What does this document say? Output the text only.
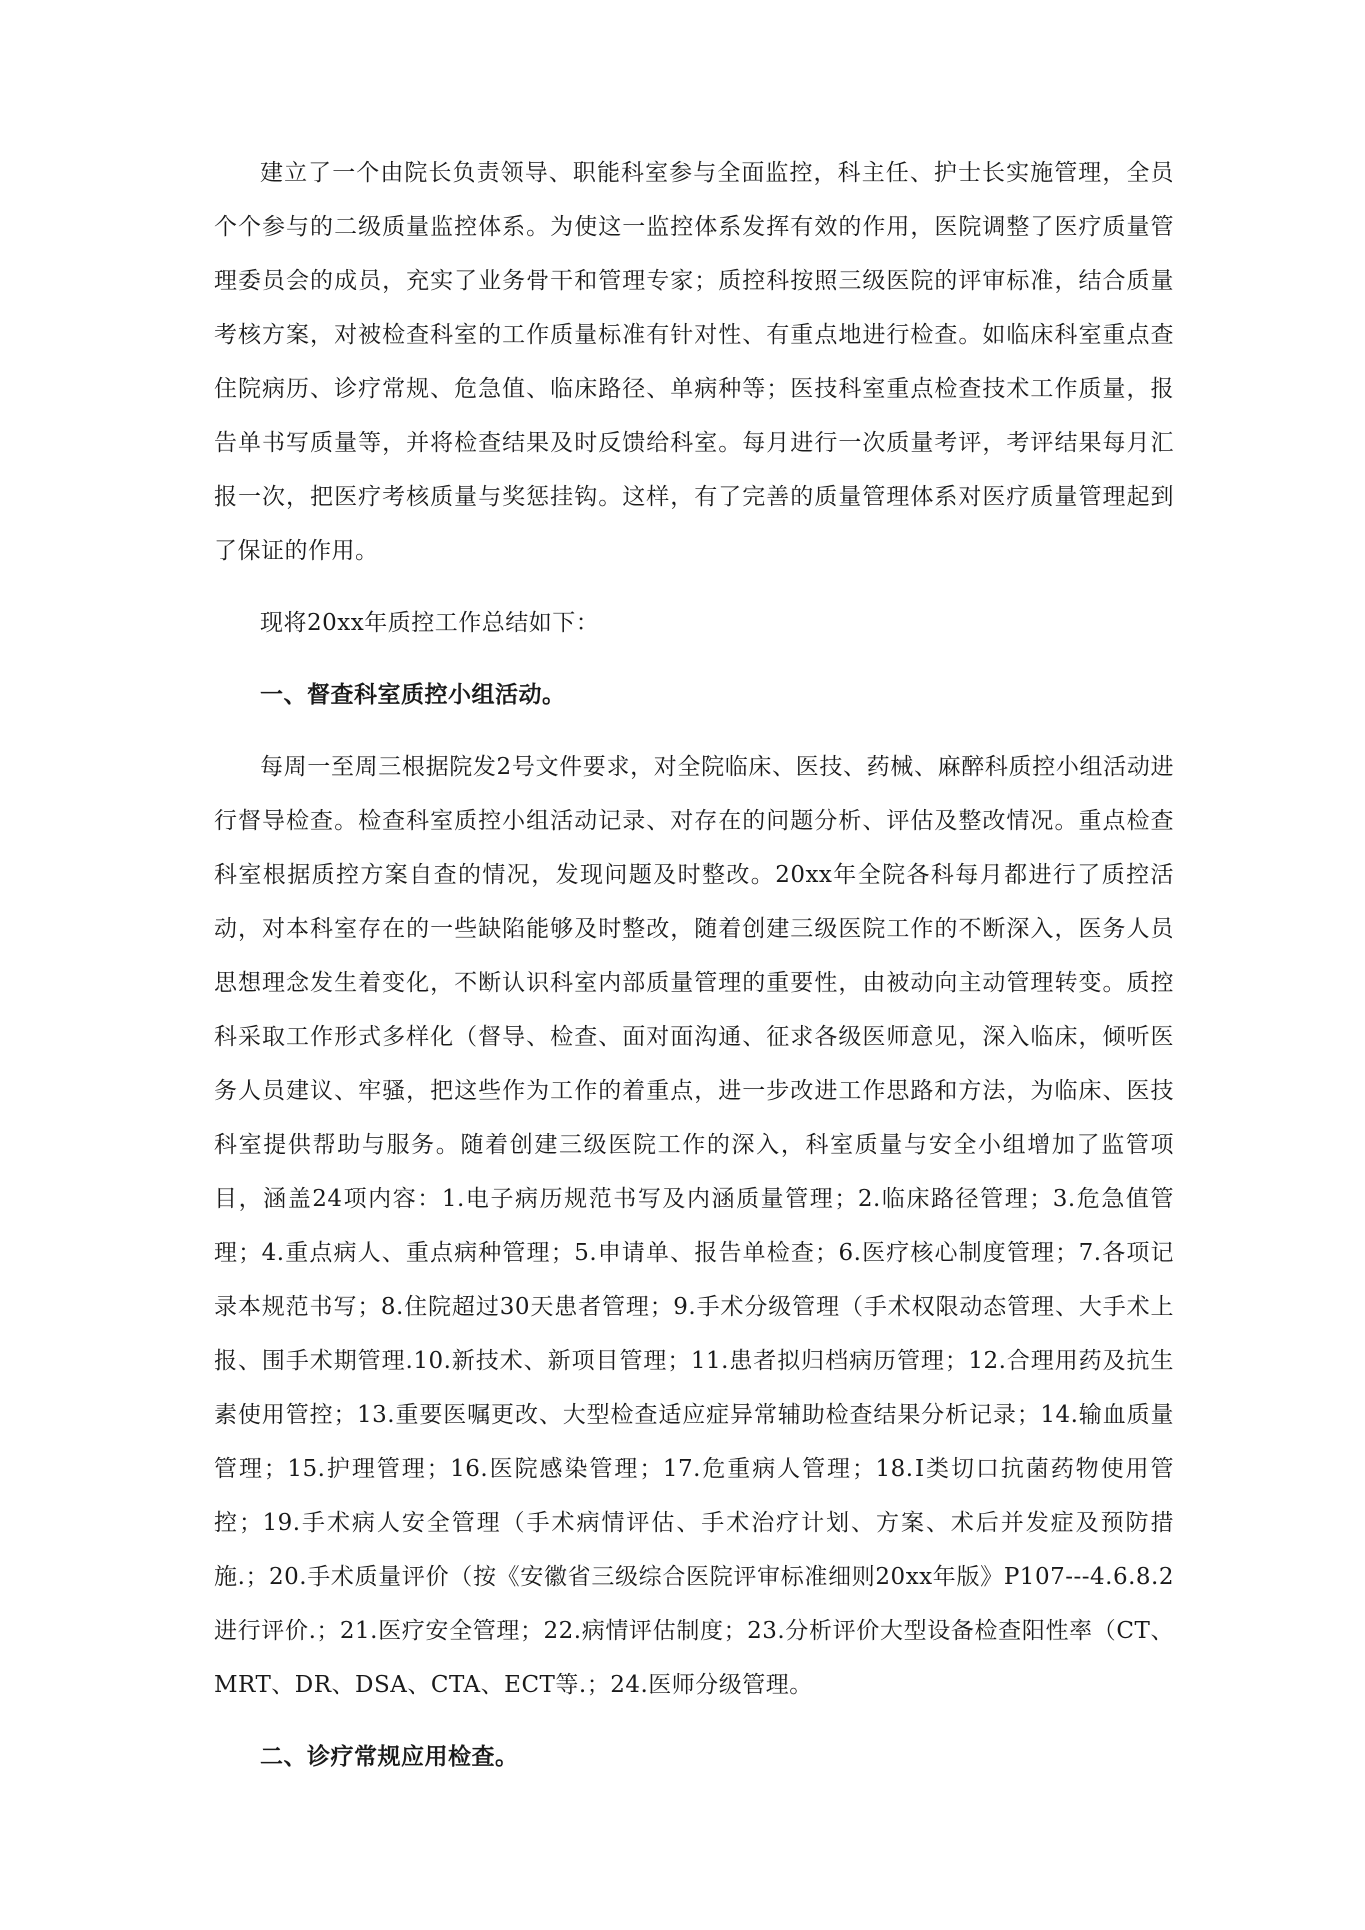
建立了一个由院长负责领导、职能科室参与全面监控，科主任、护士长实施管理，全员个个参与的二级质量监控体系。为使这一监控体系发挥有效的作用，医院调整了医疗质量管理委员会的成员，充实了业务骨干和管理专家；质控科按照三级医院的评审标准，结合质量考核方案，对被检查科室的工作质量标准有针对性、有重点地进行检查。如临床科室重点查住院病历、诊疗常规、危急值、临床路径、单病种等；医技科室重点检查技术工作质量，报告单书写质量等，并将检查结果及时反馈给科室。每月进行一次质量考评，考评结果每月汇报一次，把医疗考核质量与奖惩挂钩。这样，有了完善的质量管理体系对医疗质量管理起到了保证的作用。

现将20xx年质控工作总结如下：

一、督查科室质控小组活动。

每周一至周三根据院发2号文件要求，对全院临床、医技、药械、麻醉科质控小组活动进行督导检查。检查科室质控小组活动记录、对存在的问题分析、评估及整改情况。重点检查科室根据质控方案自查的情况，发现问题及时整改。20xx年全院各科每月都进行了质控活动，对本科室存在的一些缺陷能够及时整改，随着创建三级医院工作的不断深入，医务人员思想理念发生着变化，不断认识科室内部质量管理的重要性，由被动向主动管理转变。质控科采取工作形式多样化（督导、检查、面对面沟通、征求各级医师意见，深入临床，倾听医务人员建议、牢骚，把这些作为工作的着重点，进一步改进工作思路和方法，为临床、医技科室提供帮助与服务。随着创建三级医院工作的深入，科室质量与安全小组增加了监管项目，涵盖24项内容：1.电子病历规范书写及内涵质量管理；2.临床路径管理；3.危急值管理；4.重点病人、重点病种管理；5.申请单、报告单检查；6.医疗核心制度管理；7.各项记录本规范书写；8.住院超过30天患者管理；9.手术分级管理（手术权限动态管理、大手术上报、围手术期管理.10.新技术、新项目管理；11.患者拟归档病历管理；12.合理用药及抗生素使用管控；13.重要医嘱更改、大型检查适应症异常辅助检查结果分析记录；14.输血质量管理；15.护理管理；16.医院感染管理；17.危重病人管理；18.Ⅰ类切口抗菌药物使用管控；19.手术病人安全管理（手术病情评估、手术治疗计划、方案、术后并发症及预防措施.；20.手术质量评价（按《安徽省三级综合医院评审标准细则20xx年版》P107---4.6.8.2进行评价.；21.医疗安全管理；22.病情评估制度；23.分析评价大型设备检查阳性率（CT、MRT、DR、DSA、CTA、ECT等.；24.医师分级管理。

二、诊疗常规应用检查。
